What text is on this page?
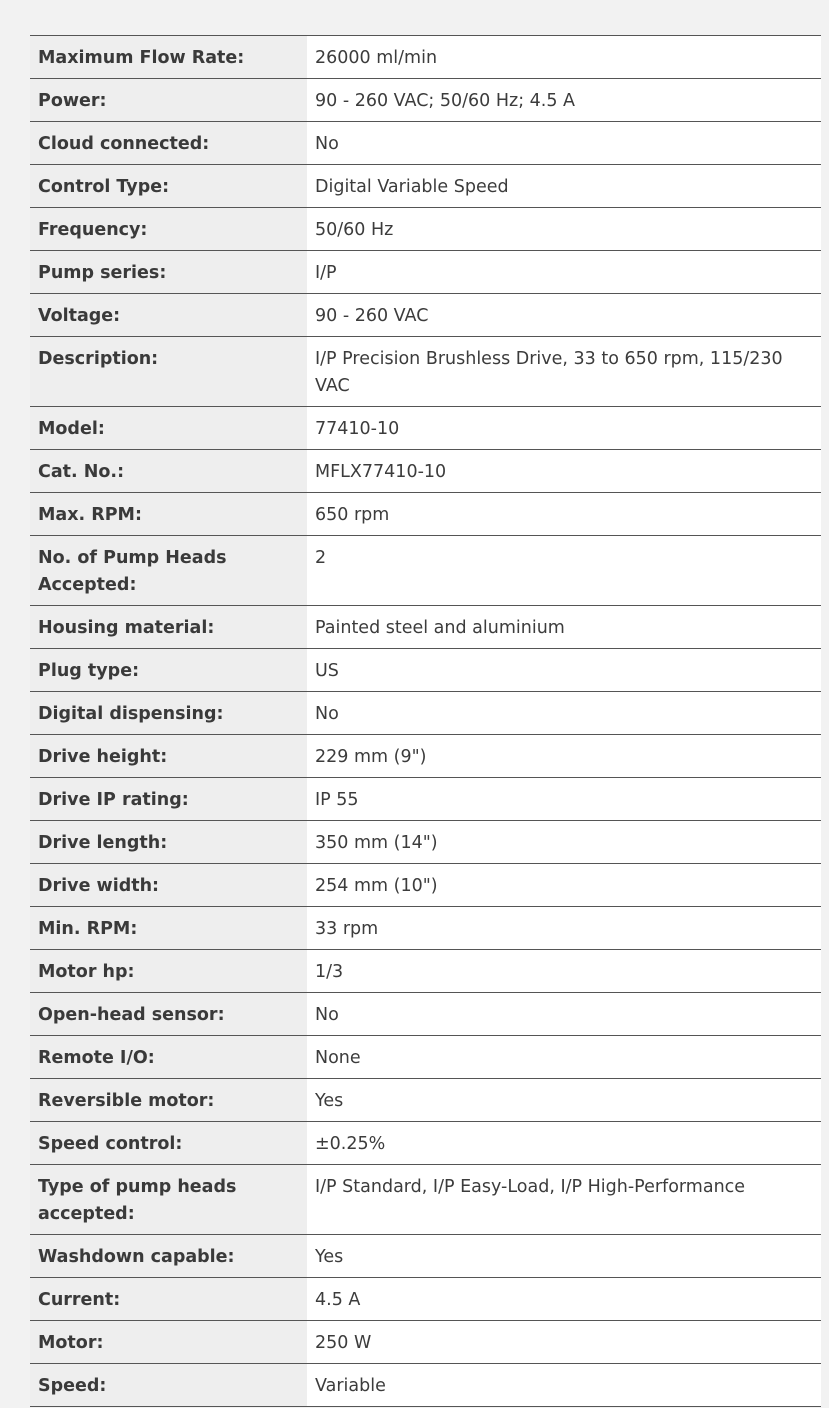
Maximum Flow Rate:	26000 ml/min
Power:	90 - 260 VAC; 50/60 Hz; 4.5 A
Cloud connected:	No
Control Type:	Digital Variable Speed
Frequency:	50/60 Hz
Pump series:	I/P
Voltage:	90 - 260 VAC
Description:	I/P Precision Brushless Drive, 33 to 650 rpm, 115/230 VAC
Model:	77410-10
Cat. No.:	MFLX77410-10
Max. RPM:	650 rpm
No. of Pump Heads Accepted:	2
Housing material:	Painted steel and aluminium
Plug type:	US
Digital dispensing:	No
Drive height:	229 mm (9")
Drive IP rating:	IP 55
Drive length:	350 mm (14")
Drive width:	254 mm (10")
Min. RPM:	33 rpm
Motor hp:	1/3
Open-head sensor:	No
Remote I/O:	None
Reversible motor:	Yes
Speed control:	±0.25%
Type of pump heads accepted:	I/P Standard, I/P Easy-Load, I/P High-Performance
Washdown capable:	Yes
Current:	4.5 A
Motor:	250 W
Speed:	Variable
